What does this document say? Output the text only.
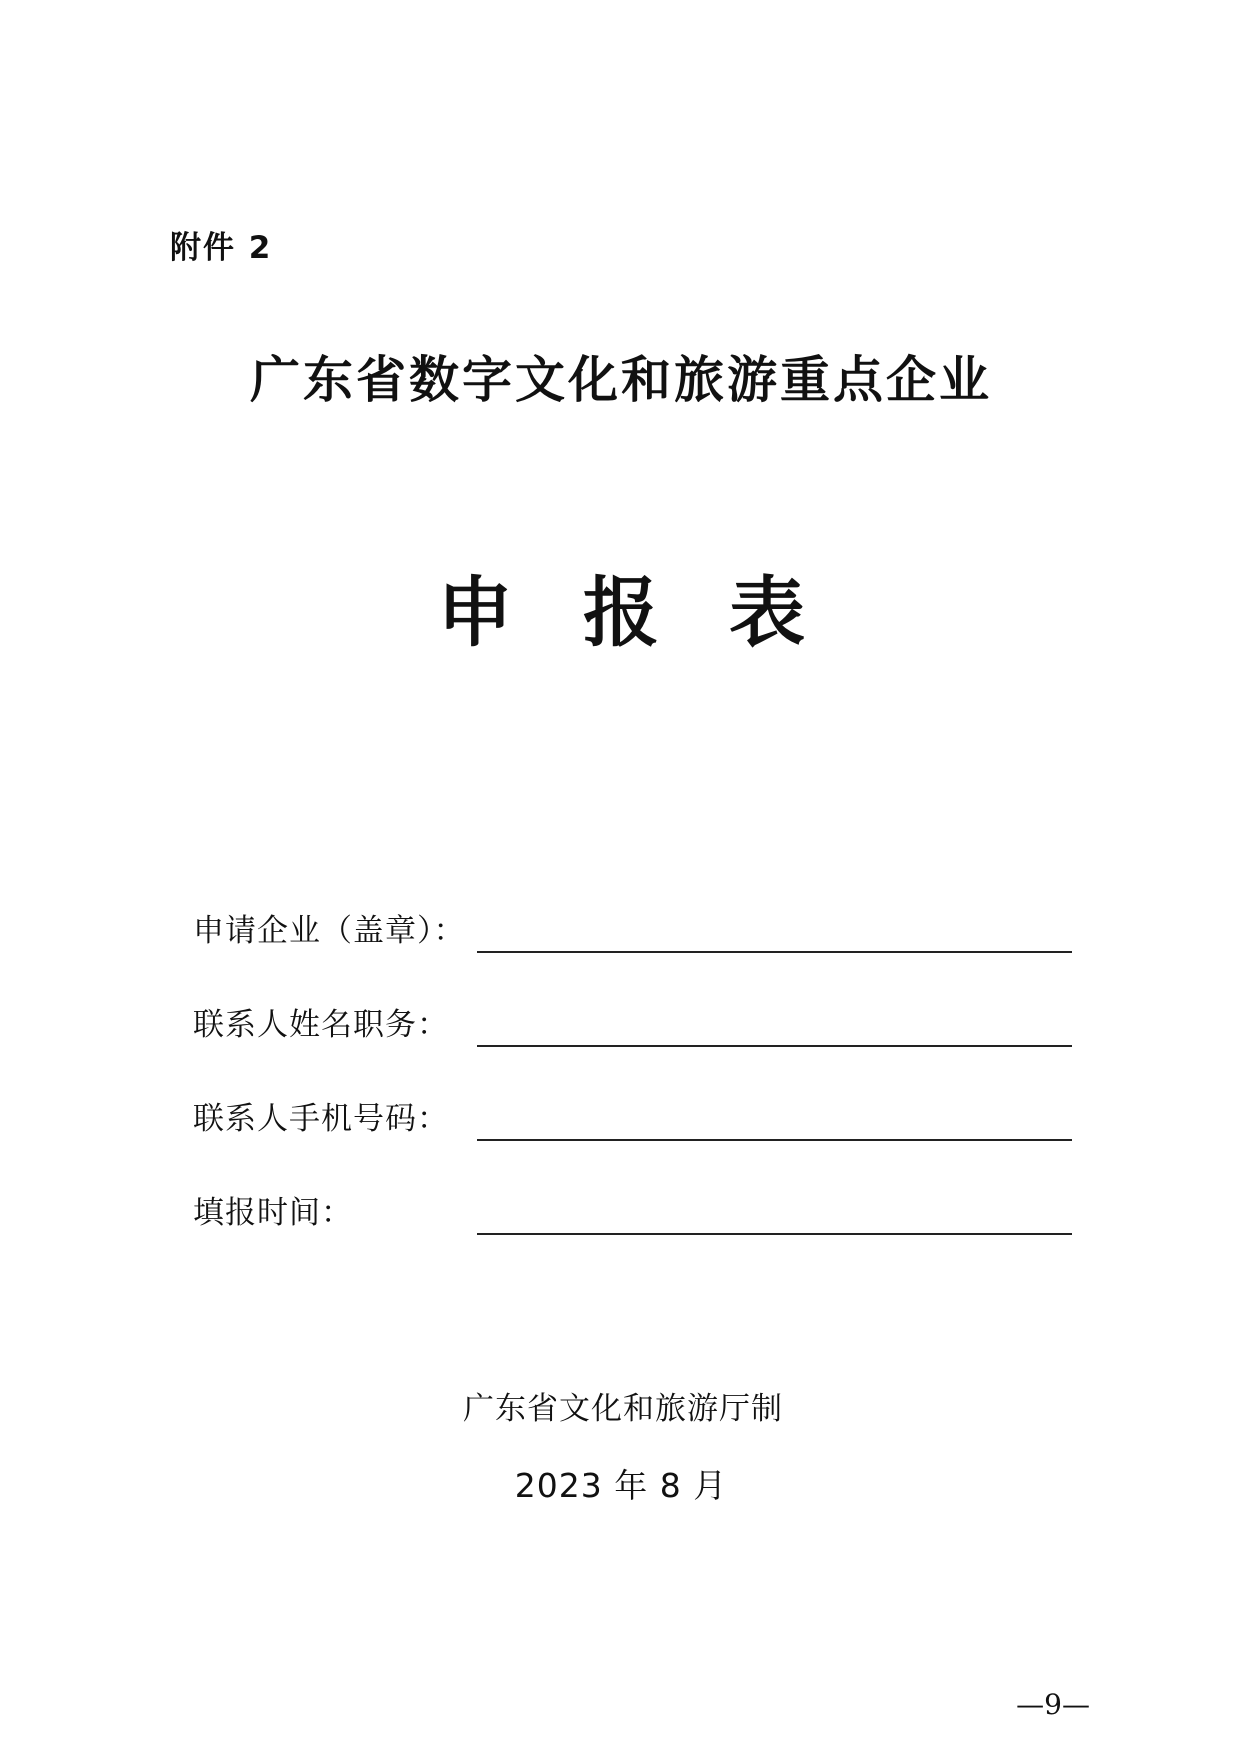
附件 2
广东省数字文化和旅游重点企业
申报表
申请企业（盖章）：
联系人姓名职务：
联系人手机号码：
填报时间：
广东省文化和旅游厅制
2023 年 8 月
—9—
